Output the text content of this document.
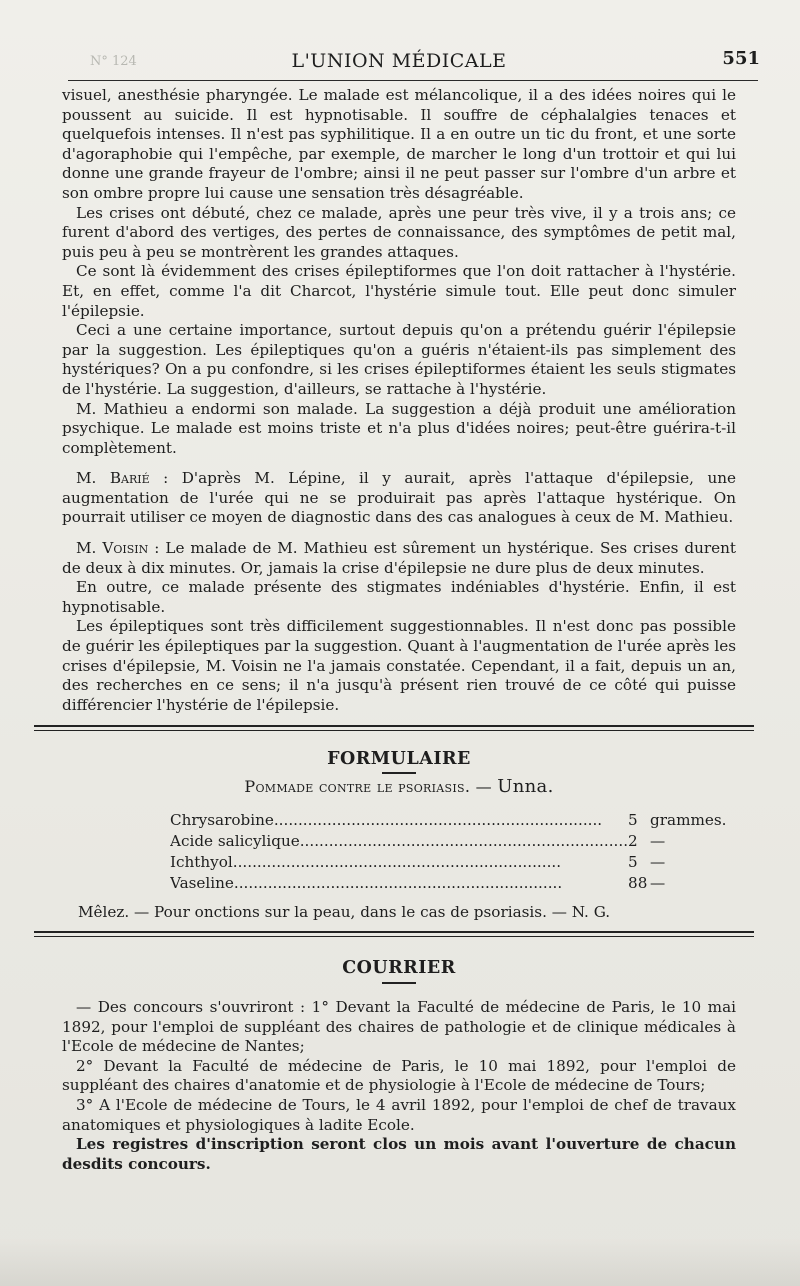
N° 124	L'UNION MÉDICALE	551

visuel, anesthésie pharyngée. Le malade est mélancolique, il a des idées noires qui le poussent au suicide. Il est hypnotisable. Il souffre de céphalalgies tenaces et quelquefois intenses. Il n'est pas syphilitique. Il a en outre un tic du front, et une sorte d'agoraphobie qui l'empêche, par exemple, de marcher le long d'un trottoir et qui lui donne une grande frayeur de l'ombre; ainsi il ne peut passer sur l'ombre d'un arbre et son ombre propre lui cause une sensation très désagréable.

Les crises ont débuté, chez ce malade, après une peur très vive, il y a trois ans; ce furent d'abord des vertiges, des pertes de connaissance, des symptômes de petit mal, puis peu à peu se montrèrent les grandes attaques.

Ce sont là évidemment des crises épileptiformes que l'on doit rattacher à l'hystérie. Et, en effet, comme l'a dit Charcot, l'hystérie simule tout. Elle peut donc simuler l'épilepsie.

Ceci a une certaine importance, surtout depuis qu'on a prétendu guérir l'épilepsie par la suggestion. Les épileptiques qu'on a guéris n'étaient-ils pas simplement des hystériques? On a pu confondre, si les crises épileptiformes étaient les seuls stigmates de l'hystérie. La suggestion, d'ailleurs, se rattache à l'hystérie.

M. Mathieu a endormi son malade. La suggestion a déjà produit une amélioration psychique. Le malade est moins triste et n'a plus d'idées noires; peut-être guérira-t-il complètement.

M. Barié : D'après M. Lépine, il y aurait, après l'attaque d'épilepsie, une augmentation de l'urée qui ne se produirait pas après l'attaque hystérique. On pourrait utiliser ce moyen de diagnostic dans des cas analogues à ceux de M. Mathieu.

M. Voisin : Le malade de M. Mathieu est sûrement un hystérique. Ses crises durent de deux à dix minutes. Or, jamais la crise d'épilepsie ne dure plus de deux minutes.

En outre, ce malade présente des stigmates indéniables d'hystérie. Enfin, il est hypnotisable.

Les épileptiques sont très difficilement suggestionnables. Il n'est donc pas possible de guérir les épileptiques par la suggestion. Quant à l'augmentation de l'urée après les crises d'épilepsie, M. Voisin ne l'a jamais constatée. Cependant, il a fait, depuis un an, des recherches en ce sens; il n'a jusqu'à présent rien trouvé de ce côté qui puisse différencier l'hystérie de l'épilepsie.

FORMULAIRE
Pommade contre le psoriasis. — Unna.
Chrysarobine....................................................................	5	grammes.
Acide salicylique....................................................................	2	—
Ichthyol....................................................................	5	—
Vaseline....................................................................	88	—
Mêlez. — Pour onctions sur la peau, dans le cas de psoriasis. — N. G.
COURRIER

— Des concours s'ouvriront : 1° Devant la Faculté de médecine de Paris, le 10 mai 1892, pour l'emploi de suppléant des chaires de pathologie et de clinique médicales à l'Ecole de médecine de Nantes;

2° Devant la Faculté de médecine de Paris, le 10 mai 1892, pour l'emploi de suppléant des chaires d'anatomie et de physiologie à l'Ecole de médecine de Tours;

3° A l'Ecole de médecine de Tours, le 4 avril 1892, pour l'emploi de chef de travaux anatomiques et physiologiques à ladite Ecole.

Les registres d'inscription seront clos un mois avant l'ouverture de chacun desdits concours.
